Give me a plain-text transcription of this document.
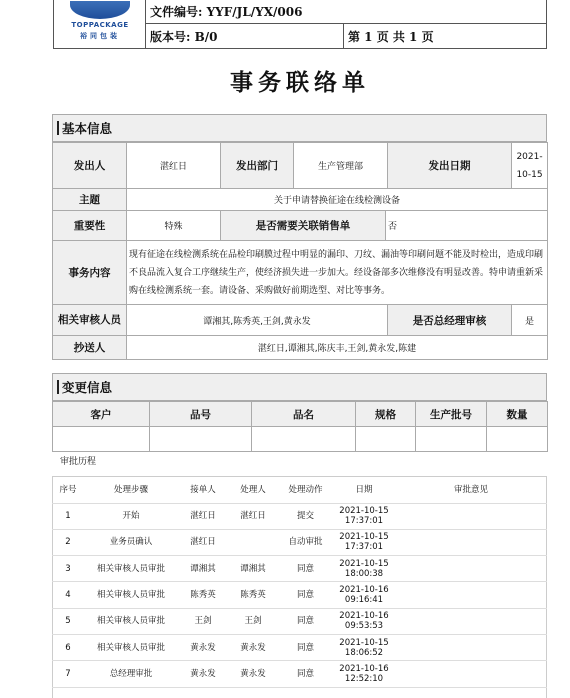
TOPPACKAGE
裕同包装	文件编号: YYF/JL/YX/006	
	版本号: B/0	第 1 页 共 1 页
事务联络单
基本信息
发出人	湛红日	发出部门	生产管理部		发出日期	2021-10-15
主题	关于申请替换征途在线检测设备					
重要性	特殊	是否需要关联销售单		否		
事务内容	现有征途在线检测系统在品检印刷膜过程中明显的漏印、刀纹、漏油等印刷问题不能及时检出，造成印刷不良品流入复合工序继续生产，使经济损失进一步加大。经设备部多次维修没有明显改善。特申请重新采购在线检测系统一套。请设备、采购做好前期选型、对比等事务。					
相关审核人员	谭湘其,陈秀英,王剑,黄永发				是否总经理审核	是
抄送人	湛红日,谭湘其,陈庆丰,王剑,黄永发,陈建					
变更信息
客户	品号	品名	规格	生产批号	数量

审批历程
序号	处理步骤	接单人	处理人	处理动作	日期	审批意见
1	开始	湛红日	湛红日	提交	2021-10-15 17:37:01	
2	业务员确认	湛红日		自动审批	2021-10-15 17:37:01	
3	相关审核人员审批	谭湘其	谭湘其	同意	2021-10-15 18:00:38	
4	相关审核人员审批	陈秀英	陈秀英	同意	2021-10-16 09:16:41	
5	相关审核人员审批	王剑	王剑	同意	2021-10-16 09:53:53	
6	相关审核人员审批	黄永发	黄永发	同意	2021-10-15 18:06:52	
7	总经理审批	黄永发	黄永发	同意	2021-10-16 12:52:10	
